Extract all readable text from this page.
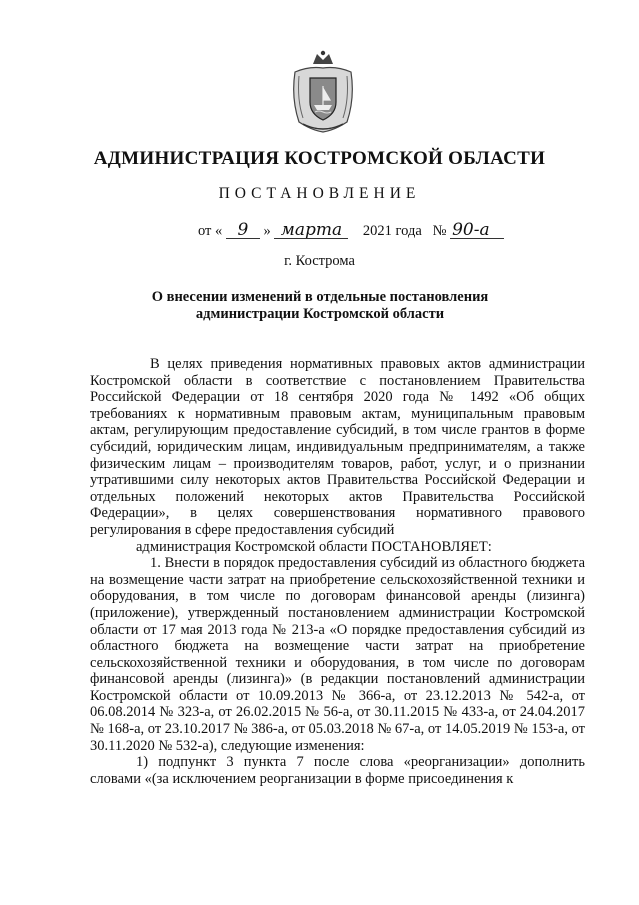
АДМИНИСТРАЦИЯ КОСТРОМСКОЙ ОБЛАСТИ
ПОСТАНОВЛЕНИЕ
от « 9 » марта 2021 года № 90-а
г. Кострома
О внесении изменений в отдельные постановления администрации Костромской области

В целях приведения нормативных правовых актов администрации Костромской области в соответствие с постановлением Правительства Российской Федерации от 18 сентября 2020 года № 1492 «Об общих требованиях к нормативным правовым актам, муниципальным правовым актам, регулирующим предоставление субсидий, в том числе грантов в форме субсидий, юридическим лицам, индивидуальным предпринимателям, а также физическим лицам – производителям товаров, работ, услуг, и о признании утратившими силу некоторых актов Правительства Российской Федерации и отдельных положений некоторых актов Правительства Российской Федерации», в целях совершенствования нормативного правового регулирования в сфере предоставления субсидий

администрация Костромской области ПОСТАНОВЛЯЕТ:

1. Внести в порядок предоставления субсидий из областного бюджета на возмещение части затрат на приобретение сельскохозяйственной техники и оборудования, в том числе по договорам финансовой аренды (лизинга) (приложение), утвержденный постановлением администрации Костромской области от 17 мая 2013 года № 213-а «О порядке предоставления субсидий из областного бюджета на возмещение части затрат на приобретение сельскохозяйственной техники и оборудования, в том числе по договорам финансовой аренды (лизинга)» (в редакции постановлений администрации Костромской области от 10.09.2013 № 366-а, от 23.12.2013 № 542-а, от 06.08.2014 № 323-а, от 26.02.2015 № 56-а, от 30.11.2015 № 433-а, от 24.04.2017 № 168-а, от 23.10.2017 № 386-а, от 05.03.2018 № 67-а, от 14.05.2019 № 153-а, от 30.11.2020 № 532-а), следующие изменения:

1) подпункт 3 пункта 7 после слова «реорганизации» дополнить словами «(за исключением реорганизации в форме присоединения к
